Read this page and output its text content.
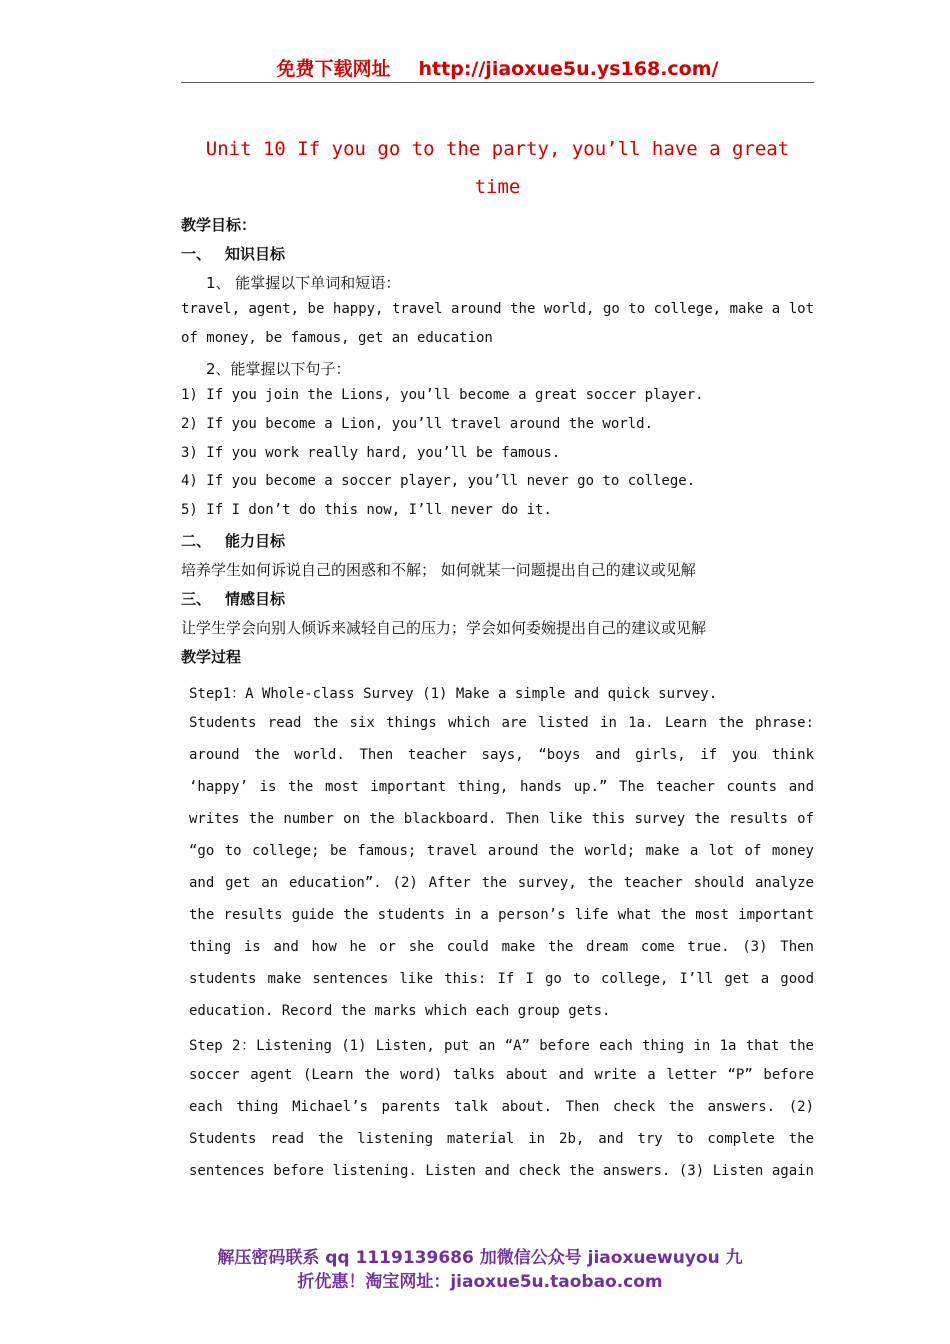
免费下载网址 http://jiaoxue5u.ys168.com/
Unit 10 If you go to the party, you’ll have a great
time
教学目标：
一、 知识目标
1、 能掌握以下单词和短语：
travel, agent, be happy, travel around the world, go to college, make a lot
of money, be famous, get an education
2、能掌握以下句子：
1) If you join the Lions, you’ll become a great soccer player.
2) If you become a Lion, you’ll travel around the world.
3) If you work really hard, you’ll be famous.
4) If you become a soccer player, you’ll never go to college.
5) If I don’t do this now, I’ll never do it.
二、 能力目标
培养学生如何诉说自己的困惑和不解； 如何就某一问题提出自己的建议或见解
三、 情感目标
让学生学会向别人倾诉来减轻自己的压力；学会如何委婉提出自己的建议或见解
教学过程
Step1：A Whole-class Survey (1) Make a simple and quick survey.
Students read the six things which are listed in 1a. Learn the phrase:
around the world. Then teacher says, “boys and girls, if you think
‘happy’ is the most important thing, hands up.” The teacher counts and
writes the number on the blackboard. Then like this survey the results of
“go to college; be famous; travel around the world; make a lot of money
and get an education”. (2) After the survey, the teacher should analyze
the results guide the students in a person’s life what the most important
thing is and how he or she could make the dream come true. (3) Then
students make sentences like this: If I go to college, I’ll get a good
education. Record the marks which each group gets.
Step 2：Listening (1) Listen, put an “A” before each thing in 1a that the
soccer agent (Learn the word) talks about and write a letter “P” before
each thing Michael’s parents talk about. Then check the answers. (2)
Students read the listening material in 2b, and try to complete the
sentences before listening. Listen and check the answers. (3) Listen again
解压密码联系 qq 1119139686 加微信公众号 jiaoxuewuyou 九
折优惠！淘宝网址：jiaoxue5u.taobao.com
